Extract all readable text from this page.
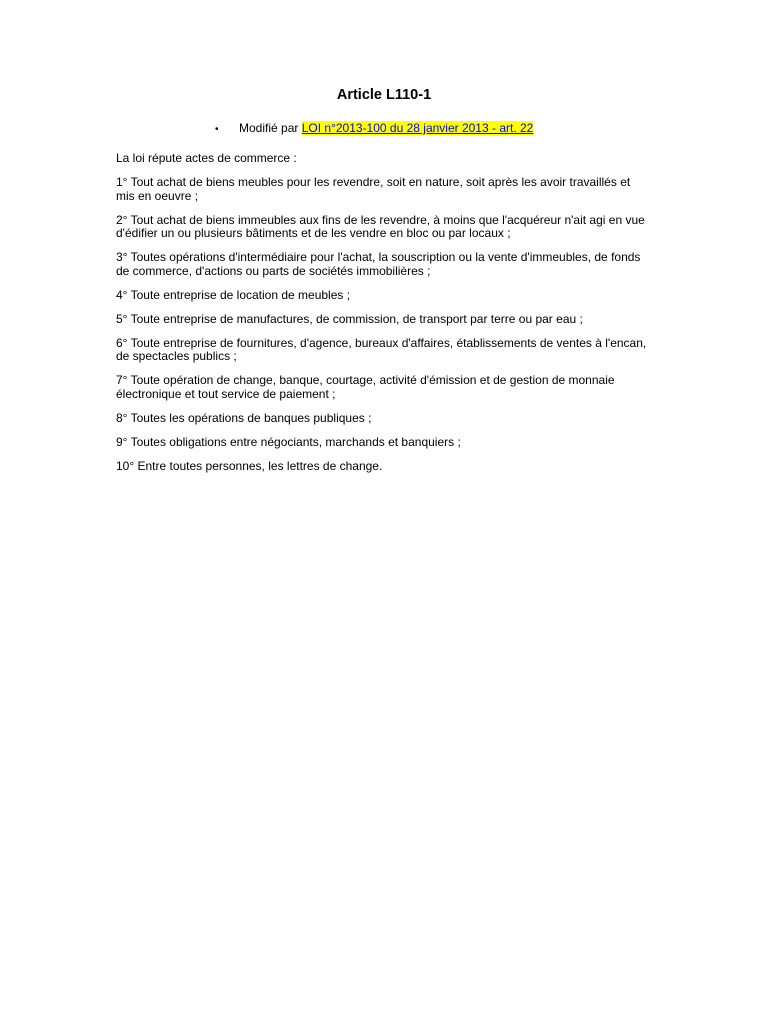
Article L110-1
• Modifié par LOI n°2013-100 du 28 janvier 2013 - art. 22

La loi répute actes de commerce :

1° Tout achat de biens meubles pour les revendre, soit en nature, soit après les avoir travaillés et mis en oeuvre ;

2° Tout achat de biens immeubles aux fins de les revendre, à moins que l'acquéreur n'ait agi en vue d'édifier un ou plusieurs bâtiments et de les vendre en bloc ou par locaux ;

3° Toutes opérations d'intermédiaire pour l'achat, la souscription ou la vente d'immeubles, de fonds de commerce, d'actions ou parts de sociétés immobilières ;

4° Toute entreprise de location de meubles ;

5° Toute entreprise de manufactures, de commission, de transport par terre ou par eau ;

6° Toute entreprise de fournitures, d'agence, bureaux d'affaires, établissements de ventes à l'encan, de spectacles publics ;

7° Toute opération de change, banque, courtage, activité d'émission et de gestion de monnaie électronique et tout service de paiement ;

8° Toutes les opérations de banques publiques ;

9° Toutes obligations entre négociants, marchands et banquiers ;

10° Entre toutes personnes, les lettres de change.
